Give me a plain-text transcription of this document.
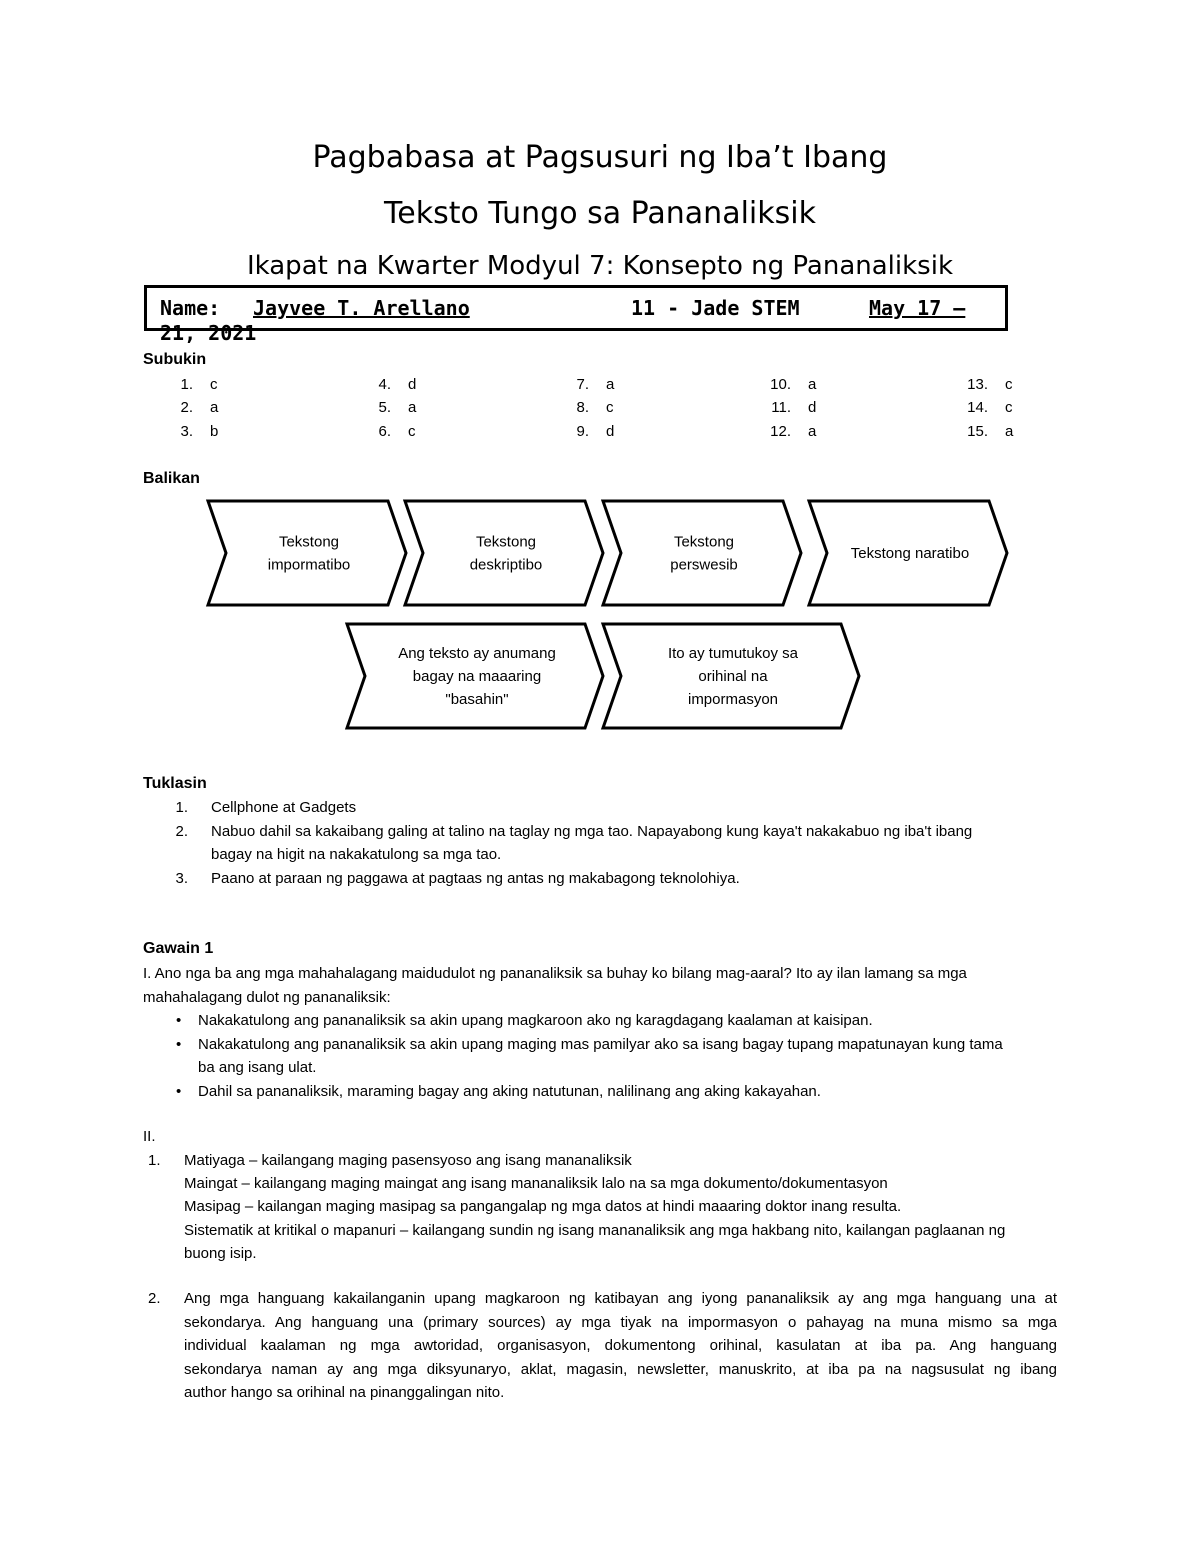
Pagbabasa at Pagsusuri ng Iba’t Ibang
Teksto Tungo sa Pananaliksik
Ikapat na Kwarter Modyul 7: Konsepto ng Pananaliksik
Name: Jayvee T. Arellano	11 - Jade STEM	May 17 –
21, 2021
Subukin
1. c
2. a
3. b
4. d
5. a
6. c
7. a
8. c
9. d
10. a
11. d
12. a
13. c
14. c
15. a
Balikan
Tekstong
impormatibo
Tekstong
deskriptibo
Tekstong
perswesib
Tekstong naratibo
Ang teksto ay anumang
bagay na maaaring
"basahin"
Ito ay tumutukoy sa
orihinal na
impormasyon
Tuklasin
1. Cellphone at Gadgets
2. Nabuo dahil sa kakaibang galing at talino na taglay ng mga tao. Napayabong kung kaya't nakakabuo ng iba't ibang
bagay na higit na nakakatulong sa mga tao.
3. Paano at paraan ng paggawa at pagtaas ng antas ng makabagong teknolohiya.
Gawain 1
I. Ano nga ba ang mga mahahalagang maidudulot ng pananaliksik sa buhay ko bilang mag-aaral? Ito ay ilan lamang sa mga
mahahalagang dulot ng pananaliksik:
• Nakakatulong ang pananaliksik sa akin upang magkaroon ako ng karagdagang kaalaman at kaisipan.
• Nakakatulong ang pananaliksik sa akin upang maging mas pamilyar ako sa isang bagay tupang mapatunayan kung tama
ba ang isang ulat.
• Dahil sa pananaliksik, maraming bagay ang aking natutunan, nalilinang ang aking kakayahan.
II.
1. Matiyaga – kailangang maging pasensyoso ang isang mananaliksik
Maingat – kailangang maging maingat ang isang mananaliksik lalo na sa mga dokumento/dokumentasyon
Masipag – kailangan maging masipag sa pangangalap ng mga datos at hindi maaaring doktor inang resulta.
Sistematik at kritikal o mapanuri – kailangang sundin ng isang mananaliksik ang mga hakbang nito, kailangan paglaanan ng
buong isip.
2. Ang mga hanguang kakailanganin upang magkaroon ng katibayan ang iyong pananaliksik ay ang mga hanguang una at
sekondarya. Ang hanguang una (primary sources) ay mga tiyak na impormasyon o pahayag na muna mismo sa mga
individual kaalaman ng mga awtoridad, organisasyon, dokumentong orihinal, kasulatan at iba pa. Ang hanguang
sekondarya naman ay ang mga diksyunaryo, aklat, magasin, newsletter, manuskrito, at iba pa na nagsusulat ng ibang
author hango sa orihinal na pinanggalingan nito.
